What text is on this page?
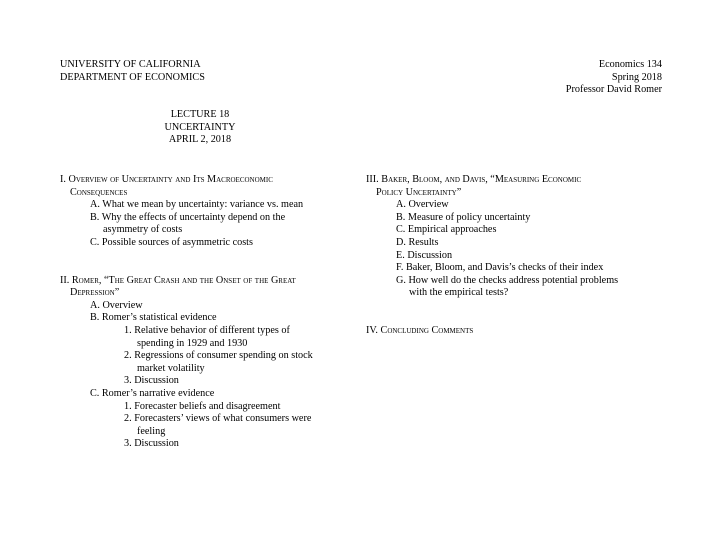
UNIVERSITY OF CALIFORNIA
DEPARTMENT OF ECONOMICS
Economics 134
Spring 2018
Professor David Romer
LECTURE 18
UNCERTAINTY
APRIL 2, 2018
I. Overview of Uncertainty and Its Macroeconomic
Consequences
A. What we mean by uncertainty: variance vs. mean
B. Why the effects of uncertainty depend on the
asymmetry of costs
C. Possible sources of asymmetric costs
II. Romer, “The Great Crash and the Onset of the Great
Depression”
A. Overview
B. Romer’s statistical evidence
1. Relative behavior of different types of
spending in 1929 and 1930
2. Regressions of consumer spending on stock
market volatility
3. Discussion
C. Romer’s narrative evidence
1. Forecaster beliefs and disagreement
2. Forecasters’ views of what consumers were
feeling
3. Discussion
III. Baker, Bloom, and Davis, “Measuring Economic
Policy Uncertainty”
A. Overview
B. Measure of policy uncertainty
C. Empirical approaches
D. Results
E. Discussion
F. Baker, Bloom, and Davis’s checks of their index
G. How well do the checks address potential problems
with the empirical tests?
IV. Concluding Comments
